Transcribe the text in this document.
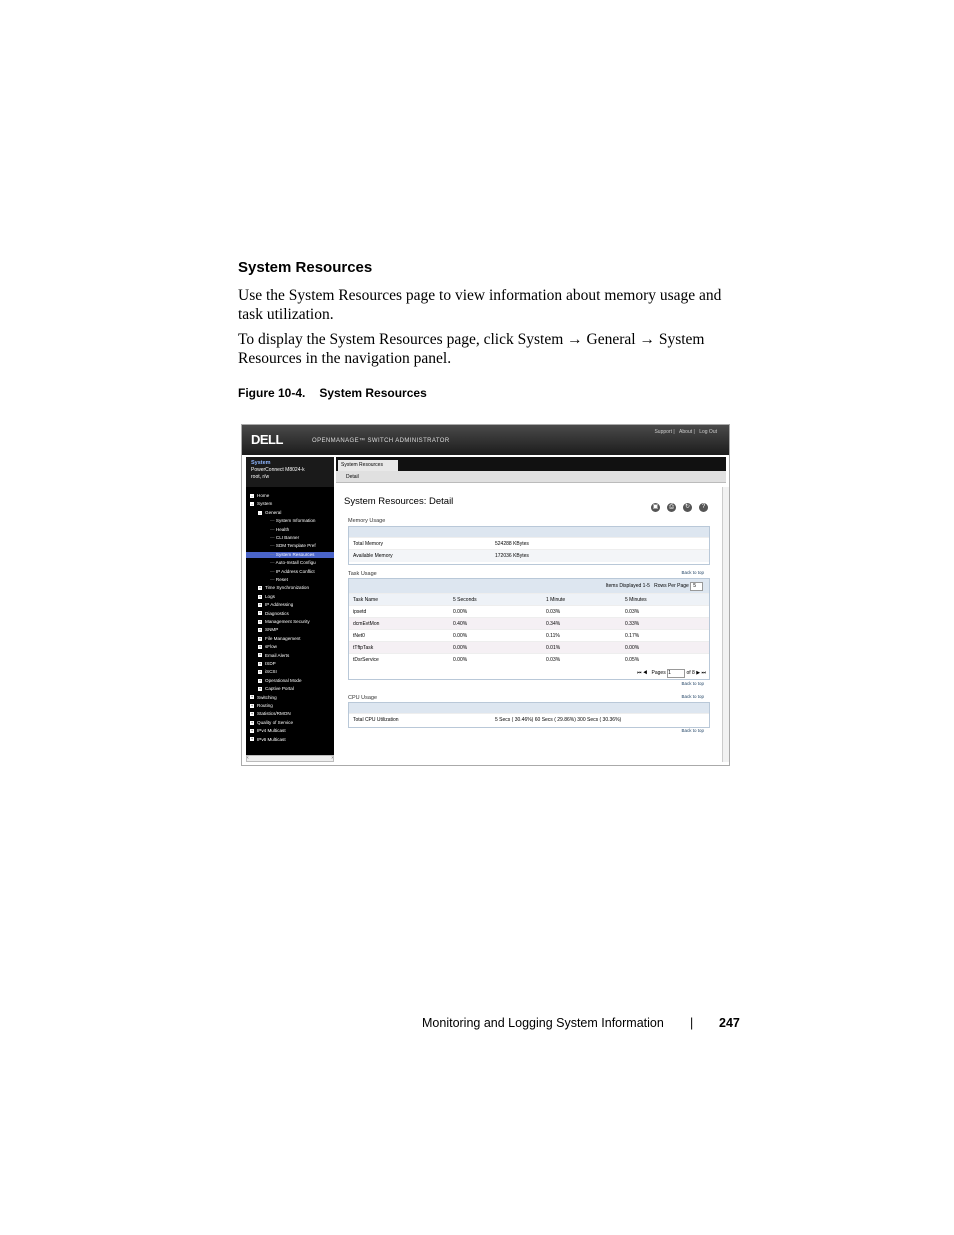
System Resources
Use the System Resources page to view information about memory usage and task utilization.
To display the System Resources page, click System → General → System Resources in the navigation panel.
Figure 10-4. System Resources
DELL	OPENMANAGE™ SWITCH ADMINISTRATOR
Support | About | Log Out
System
PowerConnect M8024-k
root, r/w
- Home
- System
- General
— System Information
— Health
— CLI Banner
— SDM Template Pref
— System Resources
— Auto-Install Configu
— IP Address Conflict
— Reset
+ Time Synchronization
+ Logs
+ IP Addressing
+ Diagnostics
+ Management Security
+ SNMP
+ File Management
+ sFlow
+ Email Alerts
+ ISDP
+ iSCSI
+ Operational Mode
+ Captive Portal
+ Switching
+ Routing
+ Statistics/RMON
+ Quality of Service
+ IPv4 Multicast
+ IPv6 Multicast
‹	›
System Resources
Detail
System Resources: Detail	▣ ⎙ ↻ ?
Memory Usage
Total Memory	524288 KBytes
Available Memory	172036 KBytes
Task Usage	Back to top
Items Displayed 1-5 Rows Per Page 5
Task Name	5 Seconds	1 Minute	5 Minutes
ipsetd	0.00%	0.03%	0.03%
dcmEvtMon	0.40%	0.34%	0.33%
tNet0	0.00%	0.11%	0.17%
tTftpTask	0.00%	0.01%	0.00%
tDsrService	0.00%	0.03%	0.05%
⏮ ◀ Pages 1	of 8 ▶ ⏭
Back to top
CPU Usage	Back to top
Total CPU Utilization	5 Secs ( 30.46%) 60 Secs ( 29.86%) 300 Secs ( 30.36%)
Back to top
Monitoring and Logging System Information | 247
